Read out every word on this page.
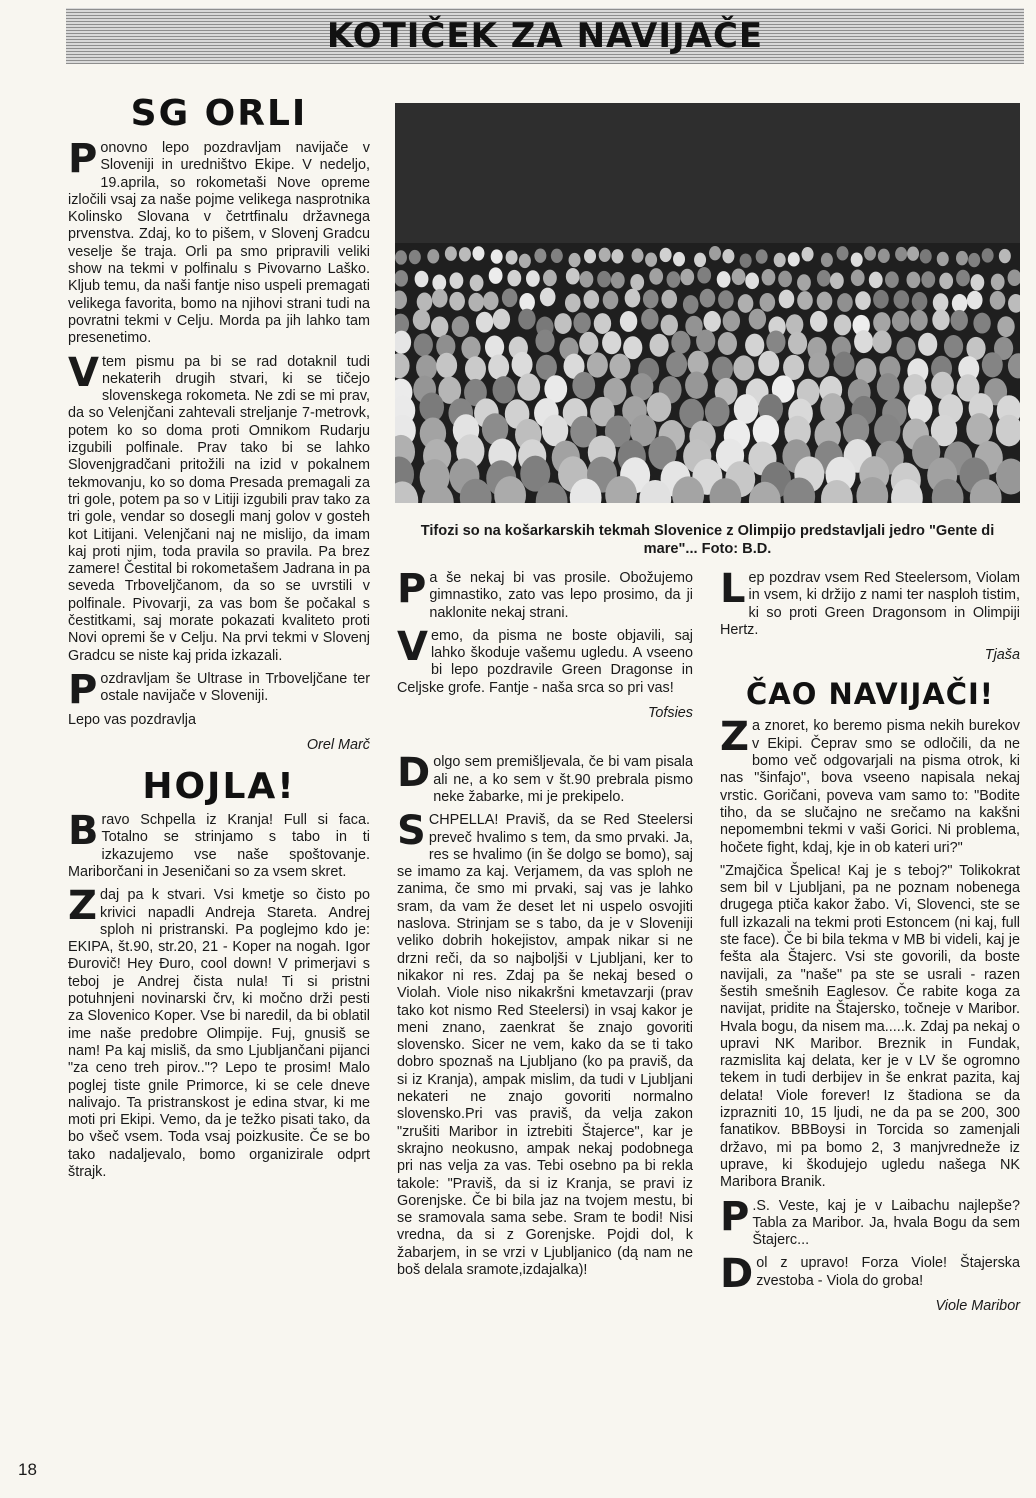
KOTIČEK ZA NAVIJAČE
SG ORLI

Ponovno lepo pozdravljam navijače v Sloveniji in uredništvo Ekipe. V nedeljo, 19.aprila, so rokometaši Nove opreme izločili vsaj za naše pojme velikega nasprotnika Kolinsko Slovana v četrtfinalu državnega prvenstva. Zdaj, ko to pišem, v Slovenj Gradcu veselje še traja. Orli pa smo pripravili veliki show na tekmi v polfinalu s Pivovarno Laško. Kljub temu, da naši fantje niso uspeli premagati velikega favorita, bomo na njihovi strani tudi na povratni tekmi v Celju. Morda pa jih lahko tam presenetimo.

Vtem pismu pa bi se rad dotaknil tudi nekaterih drugih stvari, ki se tičejo slovenskega rokometa. Ne zdi se mi prav, da so Velenjčani zahtevali streljanje 7-metrovk, potem ko so doma proti Omnikom Rudarju izgubili polfinale. Prav tako bi se lahko Slovenjgradčani pritožili na izid v pokalnem tekmovanju, ko so doma Presada premagali za tri gole, potem pa so v Litiji izgubili prav tako za tri gole, vendar so dosegli manj golov v gosteh kot Litijani. Velenjčani naj ne mislijo, da imam kaj proti njim, toda pravila so pravila. Pa brez zamere! Čestital bi rokometašem Jadrana in pa seveda Trboveljčanom, da so se uvrstili v polfinale. Pivovarji, za vas bom še počakal s čestitkami, saj morate pokazati kvaliteto proti Novi opremi še v Celju. Na prvi tekmi v Slovenj Gradcu se niste kaj prida izkazali.

Pozdravljam še Ultrase in Trboveljčane ter ostale navijače v Sloveniji.

Lepo vas pozdravlja

Orel Marč
HOJLA!

Bravo Schpella iz Kranja! Full si faca. Totalno se strinjamo s tabo in ti izkazujemo vse naše spoštovanje. Mariborčani in Jeseničani so za vsem skret.

Zdaj pa k stvari. Vsi kmetje so čisto po krivici napadli Andreja Stareta. Andrej sploh ni pristranski. Pa poglejmo kdo je: EKIPA, št.90, str.20, 21 - Koper na nogah. Igor Đurovič! Hey Đuro, cool down! V primerjavi s teboj je Andrej čista nula! Ti si pristni potuhnjeni novinarski črv, ki močno drži pesti za Slovenico Koper. Vse bi naredil, da bi oblatil ime naše predobre Olimpije. Fuj, gnusiš se nam! Pa kaj misliš, da smo Ljubljančani pijanci "za ceno treh pirov.."? Lepo te prosim! Malo poglej tiste gnile Primorce, ki se cele dneve nalivajo. Ta pristranskost je edina stvar, ki me moti pri Ekipi. Vemo, da je težko pisati tako, da bo všeč vsem. Toda vsaj poizkusite. Če se bo tako nadaljevalo, bomo organizirale odprt štrajk.

Tifozi so na košarkarskih tekmah Slovenice z Olimpijo predstavljali jedro "Gente di mare"... Foto: B.D.

Pa še nekaj bi vas prosile. Obožujemo gimnastiko, zato vas lepo prosimo, da ji naklonite nekaj strani.

Vemo, da pisma ne boste objavili, saj lahko škoduje vašemu ugledu. A vseeno bi lepo pozdravile Green Dragonse in Celjske grofe. Fantje - naša srca so pri vas!

Tofsies

Dolgo sem premišljevala, če bi vam pisala ali ne, a ko sem v št.90 prebrala pismo neke žabarke, mi je prekipelo.

SCHPELLA! Praviš, da se Red Steelersi preveč hvalimo s tem, da smo prvaki. Ja, res se hvalimo (in še dolgo se bomo), saj se imamo za kaj. Verjamem, da vas sploh ne zanima, če smo mi prvaki, saj vas je lahko sram, da vam že deset let ni uspelo osvojiti naslova. Strinjam se s tabo, da je v Sloveniji veliko dobrih hokejistov, ampak nikar si ne drzni reči, da so najboljši v Ljubljani, ker to nikakor ni res. Zdaj pa še nekaj besed o Violah. Viole niso nikakršni kmetavzarji (prav tako kot nismo Red Steelersi) in vsaj kakor je meni znano, zaenkrat še znajo govoriti slovensko. Sicer ne vem, kako da se ti tako dobro spoznaš na Ljubljano (ko pa praviš, da si iz Kranja), ampak mislim, da tudi v Ljubljani nekateri ne znajo govoriti normalno slovensko.Pri vas praviš, da velja zakon "zrušiti Maribor in iztrebiti Štajerce", kar je skrajno neokusno, ampak nekaj podobnega pri nas velja za vas. Tebi osebno pa bi rekla takole: "Praviš, da si iz Kranja, se pravi iz Gorenjske. Če bi bila jaz na tvojem mestu, bi se sramovala sama sebe. Sram te bodi! Nisi vredna, da si z Gorenjske. Pojdi dol, k žabarjem, in se vrzi v Ljubljanico (dą nam ne boš delala sramote,izdajalka)!

Lep pozdrav vsem Red Steelersom, Violam in vsem, ki držijo z nami ter nasploh tistim, ki so proti Green Dragonsom in Olimpiji Hertz.

Tjaša
ČAO NAVIJAČI!

Za znoret, ko beremo pisma nekih burekov v Ekipi. Čeprav smo se odločili, da ne bomo več odgovarjali na pisma otrok, ki nas "šinfajo", bova vseeno napisala nekaj vrstic. Goričani, poveva vam samo to: "Bodite tiho, da se slučajno ne srečamo na kakšni nepomembni tekmi v vaši Gorici. Ni problema, hočete fight, kdaj, kje in ob kateri uri?"

"Zmajčica Špelica! Kaj je s teboj?" Tolikokrat sem bil v Ljubljani, pa ne poznam nobenega drugega ptiča kakor žabo. Vi, Slovenci, ste se full izkazali na tekmi proti Estoncem (ni kaj, full ste face). Če bi bila tekma v MB bi videli, kaj je fešta ala Štajerc. Vsi ste govorili, da boste navijali, za "naše" pa ste se usrali - razen šestih smešnih Eaglesov. Če rabite koga za navijat, pridite na Štajersko, točneje v Maribor. Hvala bogu, da nisem ma.....k. Zdaj pa nekaj o upravi NK Maribor. Breznik in Fundak, razmislita kaj delata, ker je v LV še ogromno tekem in tudi derbijev in še enkrat pazita, kaj delata! Viole forever! Iz štadiona se da izprazniti 10, 15 ljudi, ne da pa se 200, 300 fanatikov. BBBoysi in Torcida so zamenjali državo, mi pa bomo 2, 3 manjvredneže iz uprave, ki škodujejo ugledu našega NK Maribora Branik.

P .S. Veste, kaj je v Laibachu najlepše? Tabla za Maribor. Ja, hvala Bogu da sem Štajerc...

Dol z upravo! Forza Viole! Štajerska zvestoba - Viola do groba!

Viole Maribor
18
